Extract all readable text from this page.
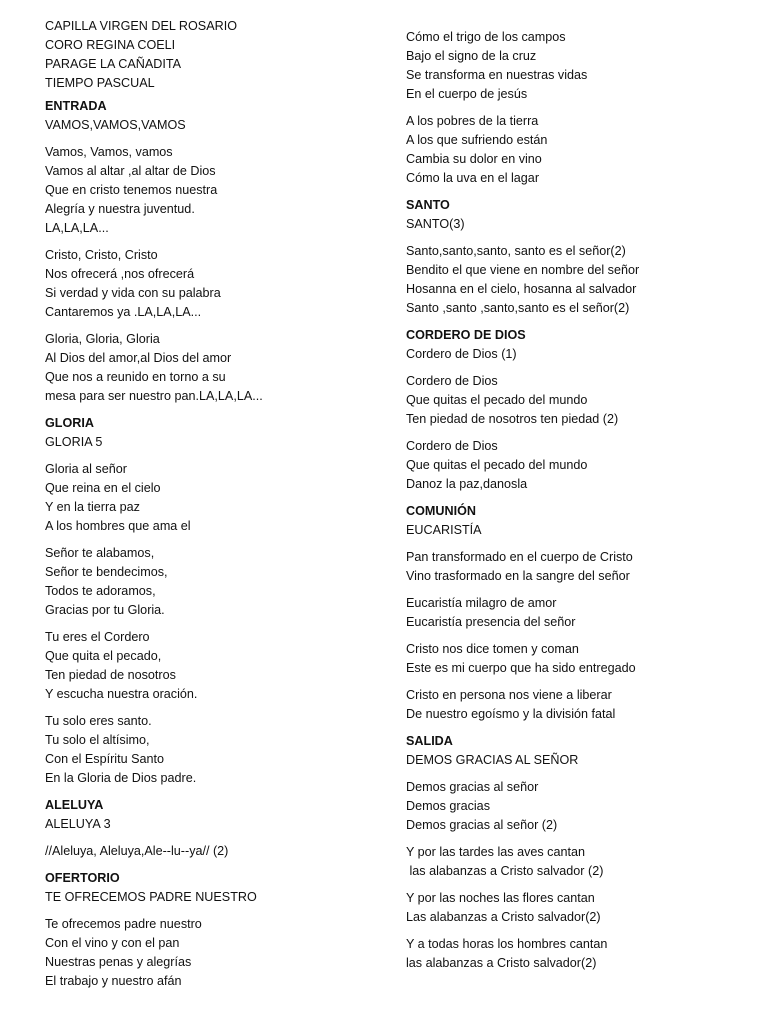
CAPILLA VIRGEN DEL ROSARIO
CORO REGINA COELI
PARAGE LA CAÑADITA
TIEMPO PASCUAL
ENTRADA
VAMOS,VAMOS,VAMOS
Vamos, Vamos, vamos
Vamos al altar ,al altar de Dios
Que en cristo tenemos nuestra
Alegría y nuestra juventud.
LA,LA,LA...
Cristo, Cristo, Cristo
Nos ofrecerá ,nos ofrecerá
Si verdad y vida con su palabra
Cantaremos ya .LA,LA,LA...
Gloria, Gloria, Gloria
Al Dios del amor,al Dios del amor
Que nos a reunido en torno a su
mesa para ser nuestro pan.LA,LA,LA...
GLORIA
GLORIA 5
Gloria al señor
Que reina en el cielo
Y en la tierra paz
A los hombres que ama el
Señor te alabamos,
Señor te bendecimos,
Todos te adoramos,
Gracias por tu Gloria.
Tu eres el Cordero
Que quita el pecado,
Ten piedad de nosotros
Y escucha nuestra oración.
Tu solo eres santo.
Tu solo el altísimo,
Con el Espíritu Santo
En la Gloria de Dios padre.
ALELUYA
ALELUYA 3
//Aleluya, Aleluya,Ale--lu--ya// (2)
OFERTORIO
TE OFRECEMOS PADRE NUESTRO
Te ofrecemos padre nuestro
Con el vino y con el pan
Nuestras penas y alegrías
El trabajo y nuestro afán
Cómo el trigo de los campos
Bajo el signo de la cruz
Se transforma en nuestras vidas
En el cuerpo de jesús
A los pobres de la tierra
A los que sufriendo están
Cambia su dolor en vino
Cómo la uva en el lagar
SANTO
SANTO(3)
Santo,santo,santo, santo es el señor(2)
Bendito el que viene en nombre del señor
Hosanna en el cielo, hosanna al salvador
Santo ,santo ,santo,santo es el señor(2)
CORDERO DE DIOS
Cordero de Dios (1)
Cordero de Dios
Que quitas el pecado del mundo
Ten piedad de nosotros ten piedad (2)
Cordero de Dios
Que quitas el pecado del mundo
Danoz la paz,danosla
COMUNIÓN
EUCARISTÍA
Pan transformado en el cuerpo de Cristo
Vino trasformado en la sangre del señor
Eucaristía milagro de amor
Eucaristía presencia del señor
Cristo nos dice tomen y coman
Este es mi cuerpo que ha sido entregado
Cristo en persona nos viene a liberar
De nuestro egoísmo y la división fatal
SALIDA
DEMOS GRACIAS AL SEÑOR
Demos gracias al señor
Demos gracias
Demos gracias al señor (2)
Y por las tardes las aves cantan
las alabanzas a Cristo salvador (2)
Y por las noches las flores cantan
Las alabanzas a Cristo salvador(2)
Y a todas horas los hombres cantan
las alabanzas a Cristo salvador(2)
